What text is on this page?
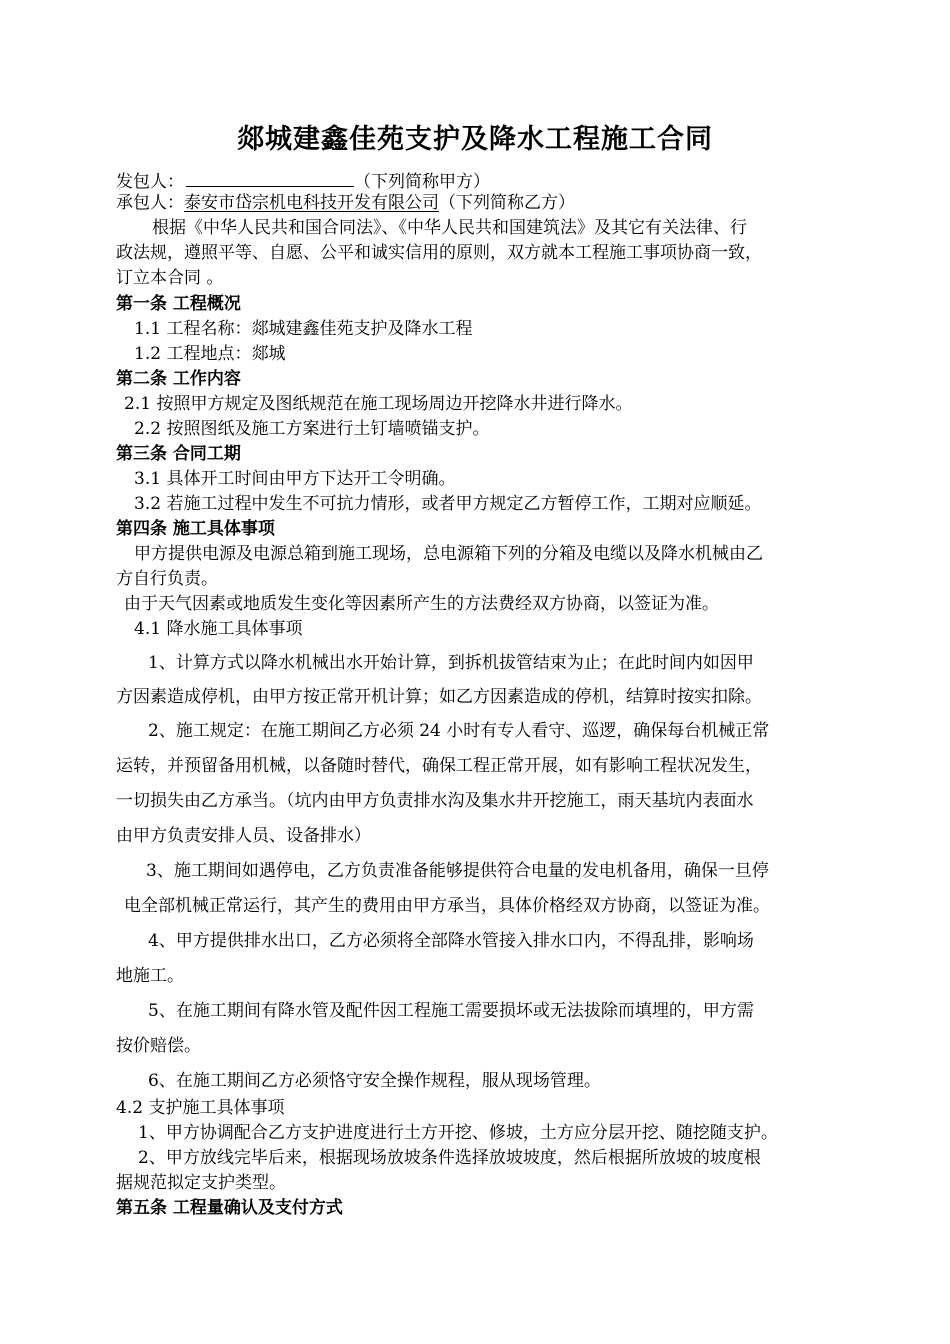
郯城建鑫佳苑支护及降水工程施工合同
发包人：	（下列简称甲方）
承包人：泰安市岱宗机电科技开发有限公司（下列简称乙方）
根据《中华人民共和国合同法》、《中华人民共和国建筑法》及其它有关法律、行
政法规，遵照平等、自愿、公平和诚实信用的原则，双方就本工程施工事项协商一致，
订立本合同 。
第一条 工程概况
1.1 工程名称：郯城建鑫佳苑支护及降水工程
1.2 工程地点：郯城
第二条 工作内容
2.1 按照甲方规定及图纸规范在施工现场周边开挖降水井进行降水。
2.2 按照图纸及施工方案进行土钉墙喷锚支护。
第三条 合同工期
3.1 具体开工时间由甲方下达开工令明确。
3.2 若施工过程中发生不可抗力情形，或者甲方规定乙方暂停工作，工期对应顺延。
第四条 施工具体事项
甲方提供电源及电源总箱到施工现场，总电源箱下列的分箱及电缆以及降水机械由乙
方自行负责。
由于天气因素或地质发生变化等因素所产生的方法费经双方协商，以签证为准。
4.1 降水施工具体事项
1、计算方式以降水机械出水开始计算，到拆机拔管结束为止；在此时间内如因甲
方因素造成停机，由甲方按正常开机计算；如乙方因素造成的停机，结算时按实扣除。
2、施工规定：在施工期间乙方必须 24 小时有专人看守、巡逻，确保每台机械正常
运转，并预留备用机械，以备随时替代，确保工程正常开展，如有影响工程状况发生，
一切损失由乙方承当。（坑内由甲方负责排水沟及集水井开挖施工，雨天基坑内表面水
由甲方负责安排人员、设备排水）
3、施工期间如遇停电，乙方负责准备能够提供符合电量的发电机备用，确保一旦停
电全部机械正常运行，其产生的费用由甲方承当，具体价格经双方协商，以签证为准。
4、甲方提供排水出口，乙方必须将全部降水管接入排水口内，不得乱排，影响场
地施工。
5、在施工期间有降水管及配件因工程施工需要损坏或无法拔除而填埋的，甲方需
按价赔偿。
6、在施工期间乙方必须恪守安全操作规程，服从现场管理。
4.2 支护施工具体事项
1、甲方协调配合乙方支护进度进行土方开挖、修坡，土方应分层开挖、随挖随支护。
2、甲方放线完毕后来，根据现场放坡条件选择放坡坡度，然后根据所放坡的坡度根
据规范拟定支护类型。
第五条 工程量确认及支付方式
